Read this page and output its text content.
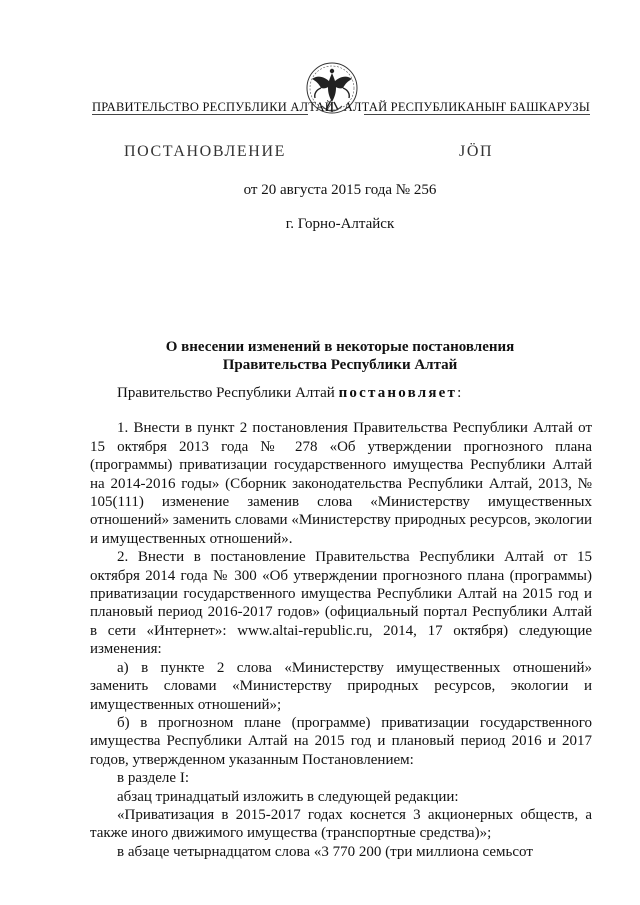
ПРАВИТЕЛЬСТВО РЕСПУБЛИКИ АЛТАЙ АЛТАЙ РЕСПУБЛИКАНЫҤ БАШКАРУЗЫ
ПОСТАНОВЛЕНИЕ	ЈӦП
от 20 августа 2015 года № 256
г. Горно-Алтайск
О внесении изменений в некоторые постановления
Правительства Республики Алтай

Правительство Республики Алтай постановляет:

1. Внести в пункт 2 постановления Правительства Республики Алтай от 15 октября 2013 года № 278 «Об утверждении прогнозного плана (программы) приватизации государственного имущества Республики Алтай на 2014-2016 годы» (Сборник законодательства Республики Алтай, 2013, № 105(111) изменение заменив слова «Министерству имущественных отношений» заменить словами «Министерству природных ресурсов, экологии и имущественных отношений».

2. Внести в постановление Правительства Республики Алтай от 15 октября 2014 года № 300 «Об утверждении прогнозного плана (программы) приватизации государственного имущества Республики Алтай на 2015 год и плановый период 2016-2017 годов» (официальный портал Республики Алтай в сети «Интернет»: www.altai-republic.ru, 2014, 17 октября) следующие изменения:

а) в пункте 2 слова «Министерству имущественных отношений» заменить словами «Министерству природных ресурсов, экологии и имущественных отношений»;

б) в прогнозном плане (программе) приватизации государственного имущества Республики Алтай на 2015 год и плановый период 2016 и 2017 годов, утвержденном указанным Постановлением:

в разделе I:

абзац тринадцатый изложить в следующей редакции:

«Приватизация в 2015-2017 годах коснется 3 акционерных обществ, а также иного движимого имущества (транспортные средства)»;

в абзаце четырнадцатом слова «3 770 200 (три миллиона семьсот
